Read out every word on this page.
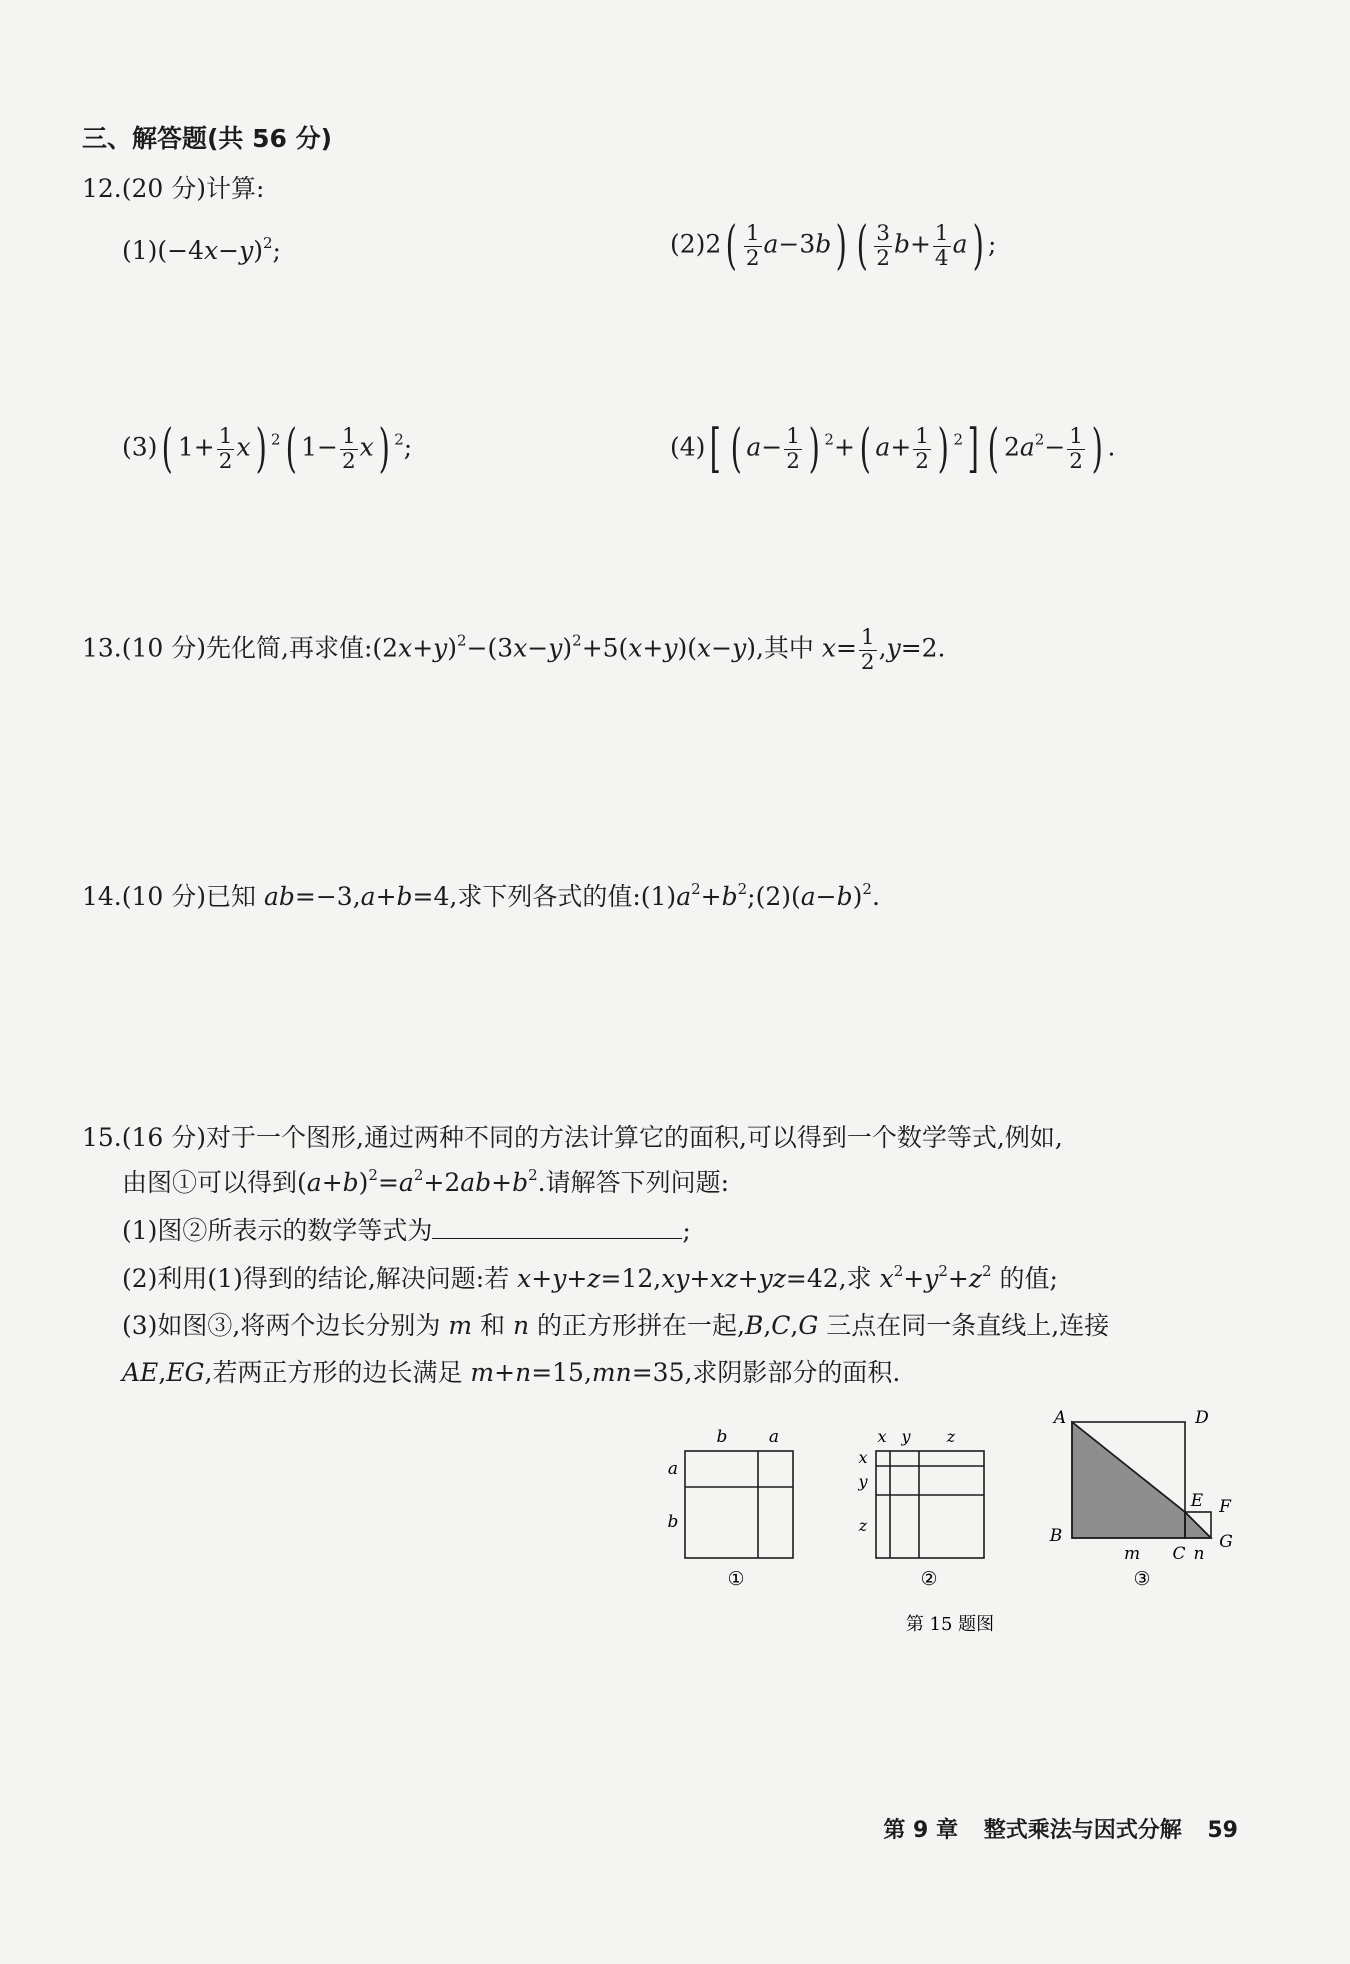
三、解答题(共 56 分)
12.(20 分)计算:
$(1)(-4x-y)^2$;	$(2)2( \frac{1}{2} a-3b)$ ( $\frac{3}{2} b+ \frac{1}{4} a$) ;
(3)( $1+ \frac{1}{2} x$) $^2$( $1- \frac{1}{2} x$) $^2$;	(4)[ ( $a- \frac{1}{2}$ ) $^2$+( $a+ \frac{1}{2}$ ) $^2$] ( $2a^2- \frac{1}{2}$ ) .
13.(10 分)先化简,再求值$:(2x+y)^2-(3x-y)^2+5(x+y)(x-y)$,其中 $x= \frac{1}{2} ,y=2$.
14.(10 分)已知 ab=−3,a+b=4,求下列各式的值$:(1)a^2+b^2;(2)(a-b)^2$.
15.(16 分)对于一个图形,通过两种不同的方法计算它的面积,可以得到一个数学等式,例如,
由图①可以得到$(a+b)^2=a^2+2ab+b^2$.请解答下列问题:
(1)图②所表示的数学等式为	;
(2)利用(1)得到的结论,解决问题:若 x+y+z=12,xy+xz+yz=42,求 $x^2+y^2+z^2$ 的值;
(3)如图③,将两个边长分别为 m 和 n 的正方形拼在一起,B,C,G 三点在同一条直线上,连接
AE,EG,若两正方形的边长满足 m+n=15,mn=35,求阴影部分的面积.
b a
a
b
①
x y z
x
y
z
②
A	D
E F
B
C
G
m	n
③
第 15 题图
第 9 章 整式乘法与因式分解 59
